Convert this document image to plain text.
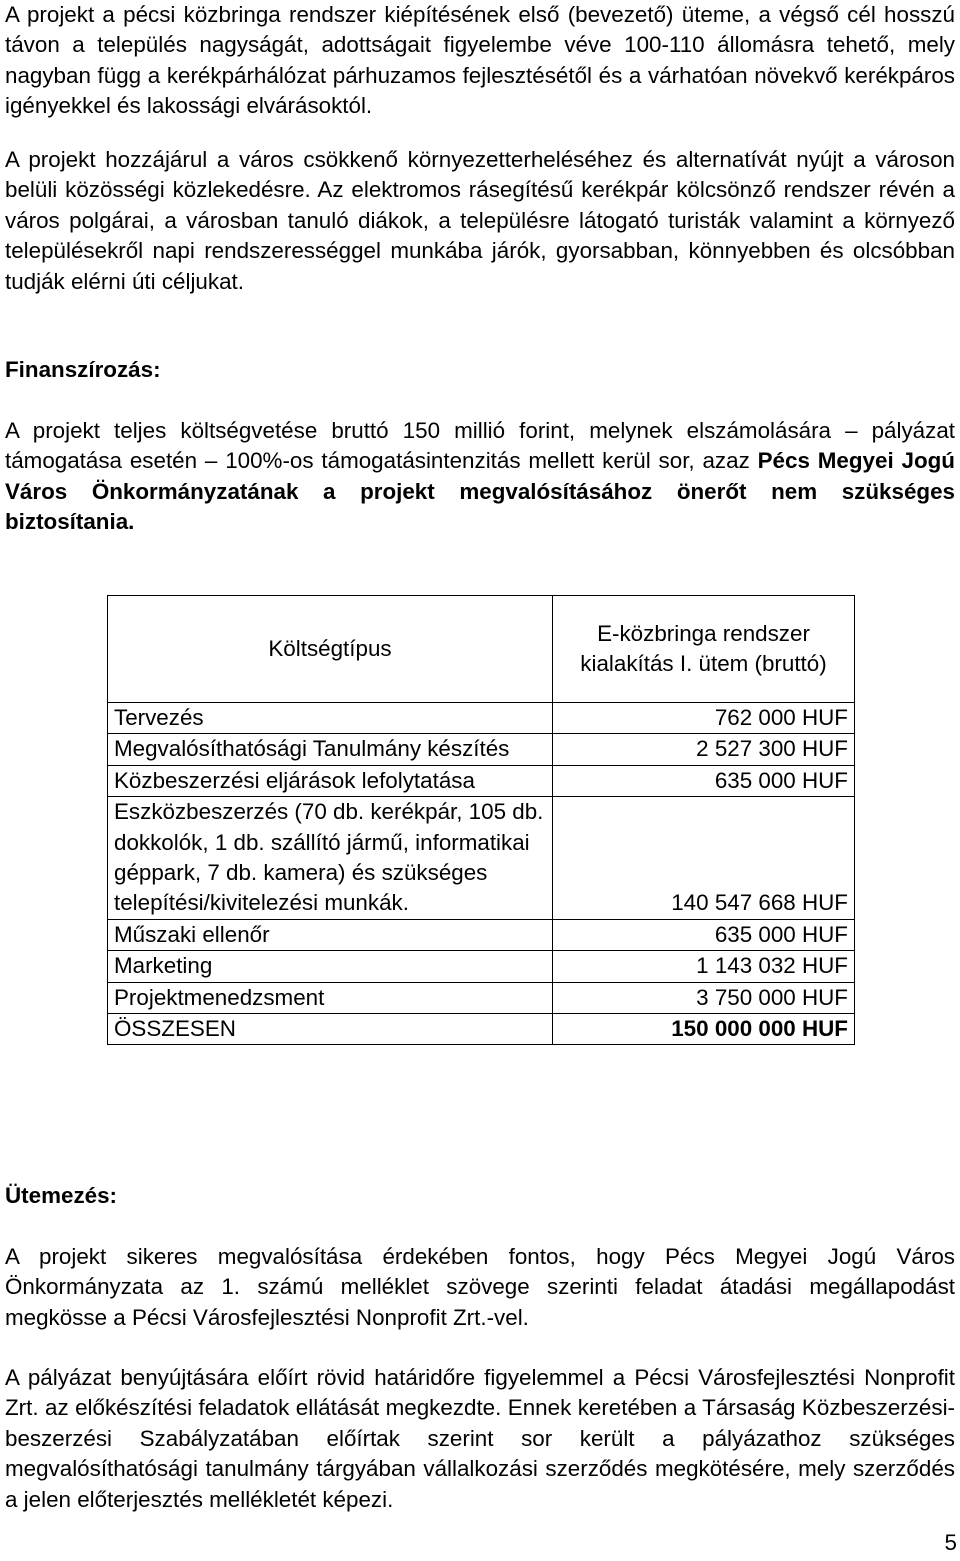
A projekt a pécsi közbringa rendszer kiépítésének első (bevezető) üteme, a végső cél hosszú távon a település nagyságát, adottságait figyelembe véve 100-110 állomásra tehető, mely nagyban függ a kerékpárhálózat párhuzamos fejlesztésétől és a várhatóan növekvő kerékpáros igényekkel és lakossági elvárásoktól.

A projekt hozzájárul a város csökkenő környezetterheléséhez és alternatívát nyújt a városon belüli közösségi közlekedésre. Az elektromos rásegítésű kerékpár kölcsönző rendszer révén a város polgárai, a városban tanuló diákok, a településre látogató turisták valamint a környező településekről napi rendszerességgel munkába járók, gyorsabban, könnyebben és olcsóbban tudják elérni úti céljukat.

Finanszírozás:

A projekt teljes költségvetése bruttó 150 millió forint, melynek elszámolására – pályázat támogatása esetén – 100%-os támogatásintenzitás mellett kerül sor, azaz Pécs Megyei Jogú Város Önkormányzatának a projekt megvalósításához önerőt nem szükséges biztosítania.

Költségtípus	E-közbringa rendszer kialakítás I. ütem (bruttó)
Tervezés	762 000 HUF
Megvalósíthatósági Tanulmány készítés	2 527 300 HUF
Közbeszerzési eljárások lefolytatása	635 000 HUF
Eszközbeszerzés (70 db. kerékpár, 105 db. dokkolók, 1 db. szállító jármű, informatikai géppark, 7 db. kamera) és szükséges telepítési/kivitelezési munkák.	140 547 668 HUF
Műszaki ellenőr	635 000 HUF
Marketing	1 143 032 HUF
Projektmenedzsment	3 750 000 HUF
ÖSSZESEN	150 000 000 HUF
Ütemezés:

A projekt sikeres megvalósítása érdekében fontos, hogy Pécs Megyei Jogú Város Önkormányzata az 1. számú melléklet szövege szerinti feladat átadási megállapodást megkösse a Pécsi Városfejlesztési Nonprofit Zrt.-vel.

A pályázat benyújtására előírt rövid határidőre figyelemmel a Pécsi Városfejlesztési Nonprofit Zrt. az előkészítési feladatok ellátását megkezdte. Ennek keretében a Társaság Közbeszerzési-beszerzési Szabályzatában előírtak szerint sor került a pályázathoz szükséges megvalósíthatósági tanulmány tárgyában vállalkozási szerződés megkötésére, mely szerződés a jelen előterjesztés mellékletét képezi.

5
